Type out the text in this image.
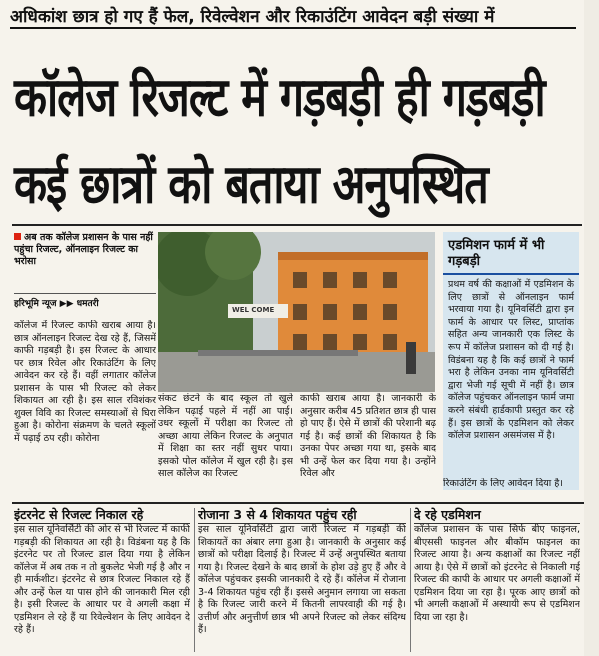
अधिकांश छात्र हो गए हैं फेल, रिवेल्वेशन और रिकाउंटिंग आवेदन बड़ी संख्या में
कॉलेज रिजल्ट में गड़बड़ी ही गड़बड़ी
कई छात्रों को बताया अनुपस्थित
अब तक कॉलेज प्रशासन के पास नहीं पहुंचा रिजल्ट, ऑनलाइन रिजल्ट का भरोसा
हरिभूमि न्यूज ▶▶ धमतरी
कॉलेज में रिजल्ट काफी खराब आया है। छात्र ऑनलाइन रिजल्ट देख रहे हैं, जिसमें काफी गड़बड़ी है। इस रिजल्ट के आधार पर छात्र रिवेल और रिकाउंटिंग के लिए आवेदन कर रहे हैं। वहीं लगातार कॉलेज प्रशासन के पास भी रिजल्ट को लेकर शिकायत आ रही है। इस साल रविशंकर शुक्ल विवि का रिजल्ट समस्याओं से घिरा हुआ है। कोरोना संक्रमण के चलते स्कूलों में पढ़ाई ठप रही। कोरोना
WEL COME
संकट छंटने के बाद स्कूल तो खुले लेकिन पढ़ाई पहले में नहीं आ पाई। उधर स्कूलों में परीक्षा का रिजल्ट तो अच्छा आया लेकिन रिजल्ट के अनुपात में शिक्षा का स्तर नहीं सुधर पाया। इसको पोल कॉलेज में खुल रही है। इस साल कॉलेज का रिजल्ट
काफी खराब आया है। जानकारी के अनुसार करीब 45 प्रतिशत छात्र ही पास हो पाए हैं। ऐसे में छात्रों की परेशानी बढ़ गई है। कई छात्रों की शिकायत है कि उनका पेपर अच्छा गया था, इसके बाद भी उन्हें फेल कर दिया गया है। उन्होंने रिवेल और
एडमिशन फार्म में भी गड़बड़ी
प्रथम वर्ष की कक्षाओं में एडमिशन के लिए छात्रों से ऑनलाइन फार्म भरवाया गया है। यूनिवर्सिटी द्वारा इन फार्म के आधार पर लिस्ट, प्राप्तांक सहित अन्य जानकारी एक लिस्ट के रूप में कॉलेज प्रशासन को दी गई है। विडंबना यह है कि कई छात्रों ने फार्म भरा है लेकिन उनका नाम यूनिवर्सिटी द्वारा भेजी गई सूची में नहीं है। छात्र कॉलेज पहुंचकर ऑनलाइन फार्म जमा करने संबंधी हार्डकापी प्रस्तुत कर रहे हैं। इस छात्रों के एडमिशन को लेकर कॉलेज प्रशासन असमंजस में है।
रिकाउंटिंग के लिए आवेदन दिया है।
इंटरनेट से रिजल्ट निकाल रहे
इस साल यूनिवर्सिटी की ओर से भी रिजल्ट में काफी गड़बड़ी की शिकायत आ रही है। विडंबना यह है कि इंटरनेट पर तो रिजल्ट डाल दिया गया है लेकिन कॉलेज में अब तक न तो बुकलेट भेजी गई है और न ही मार्कशीट। इंटरनेट से छात्र रिजल्ट निकाल रहे हैं और उन्हें फेल या पास होने की जानकारी मिल रही है। इसी रिजल्ट के आधार पर वे अगली कक्षा में एडमिशन ले रहे हैं या रिवेल्वेशन के लिए आवेदन दे रहे हैं।
रोजाना 3 से 4 शिकायत पहुंच रही
इस साल यूनिवर्सिटी द्वारा जारी रिजल्ट में गड़बड़ी की शिकायतें का अंबार लगा हुआ है। जानकारी के अनुसार कई छात्रों को परीक्षा दिलाई है। रिजल्ट में उन्हें अनुपस्थित बताया गया है। रिजल्ट देखने के बाद छात्रों के होश उड़े हुए हैं और वे कॉलेज पहुंचकर इसकी जानकारी दे रहे हैं। कॉलेज में रोजाना 3-4 शिकायत पहुंच रही हैं। इससे अनुमान लगाया जा सकता है कि रिजल्ट जारी करने में कितनी लापरवाही की गई है। उत्तीर्ण और अनुत्तीर्ण छात्र भी अपने रिजल्ट को लेकर संदिग्ध हैं।
दे रहे एडमिशन
कॉलेज प्रशासन के पास सिर्फ बीए फाइनल, बीएससी फाइनल और बीकॉम फाइनल का रिजल्ट आया है। अन्य कक्षाओं का रिजल्ट नहीं आया है। ऐसे में छात्रों को इंटरनेट से निकाली गई रिजल्ट की कापी के आधार पर अगली कक्षाओं में एडमिशन दिया जा रहा है। पूरक आए छात्रों को भी अगली कक्षाओं में अस्थायी रूप से एडमिशन दिया जा रहा है।
